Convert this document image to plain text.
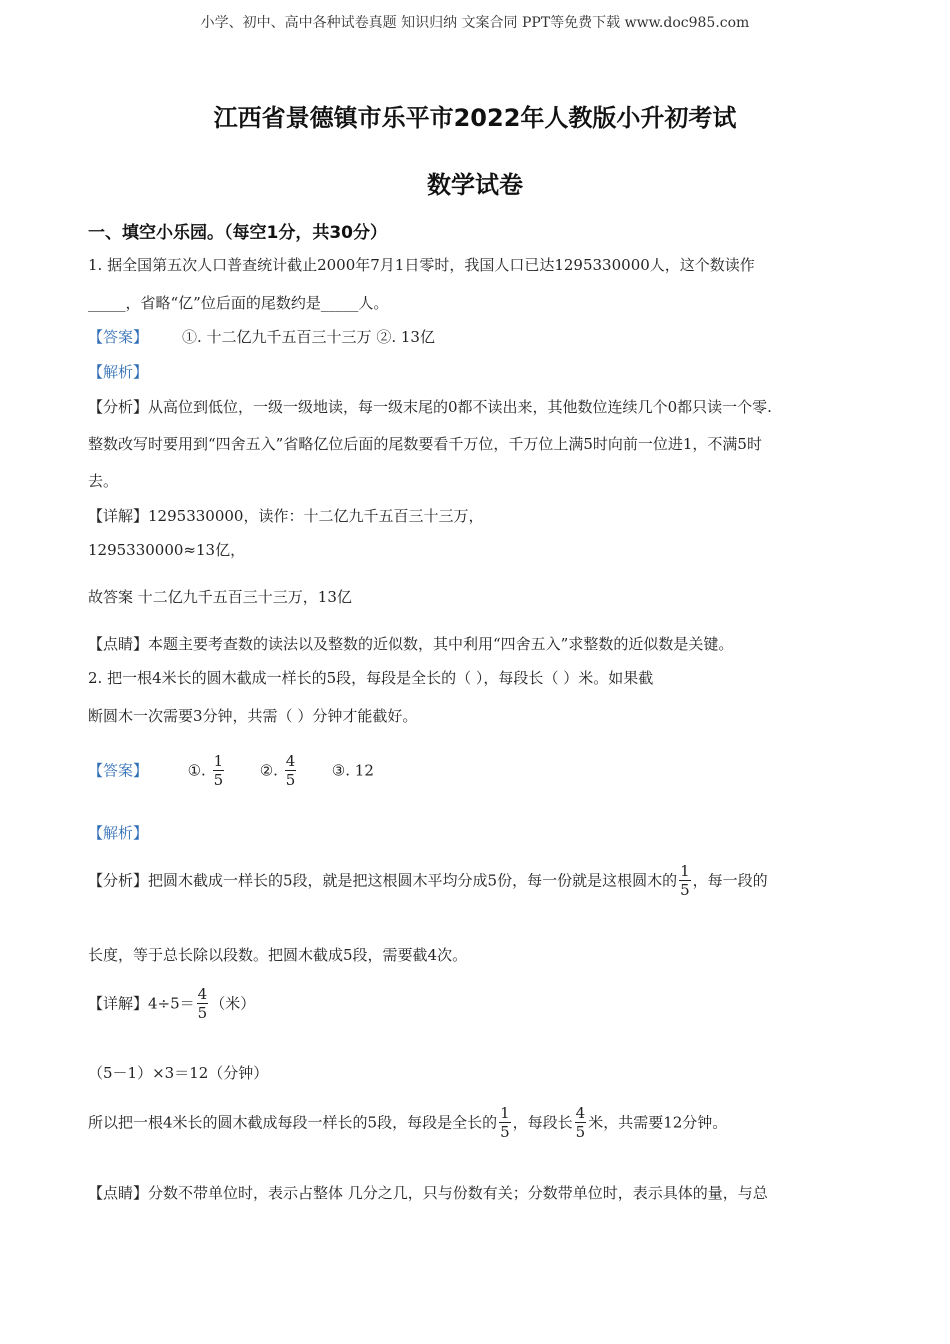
小学、初中、高中各种试卷真题 知识归纳 文案合同 PPT等免费下载 www.doc985.com
江西省景德镇市乐平市2022年人教版小升初考试
数学试卷
一、填空小乐园。（每空1分，共30分）
1. 据全国第五次人口普查统计截止2000年7月1日零时，我国人口已达1295330000人，这个数读作
_____，省略“亿”位后面的尾数约是_____人。
【答案】 ①. 十二亿九千五百三十三万 ②. 13亿
【解析】
【分析】从高位到低位，一级一级地读，每一级末尾的0都不读出来，其他数位连续几个0都只读一个零.
整数改写时要用到“四舍五入”省略亿位后面的尾数要看千万位，千万位上满5时向前一位进1，不满5时
去。
【详解】1295330000，读作：十二亿九千五百三十三万，
1295330000≈13亿，
故答案 十二亿九千五百三十三万，13亿
【点睛】本题主要考查数的读法以及整数的近似数，其中利用“四舍五入”求整数的近似数是关键。
2. 把一根4米长的圆木截成一样长的5段，每段是全长的（ ），每段长（ ）米。如果截
断圆木一次需要3分钟，共需（ ）分钟才能截好。
【答案】	①. $\frac{1}{5}$ ②. $\frac{4}{5}$ ③. 12
【解析】
【分析】把圆木截成一样长的5段，就是把这根圆木平均分成5份，每一份就是这根圆木的 $\frac{1}{5}$ ，每一段的
长度，等于总长除以段数。把圆木截成5段，需要截4次。
【详解】$4\div 5= \frac{4}{5}$ （米）
（5－1）×3＝12（分钟）
所以把一根4米长的圆木截成每段一样长的5段，每段是全长的 $\frac{1}{5}$ ，每段长 $\frac{4}{5}$ 米，共需要12分钟。
【点睛】分数不带单位时，表示占整体 几分之几，只与份数有关；分数带单位时，表示具体的量，与总
